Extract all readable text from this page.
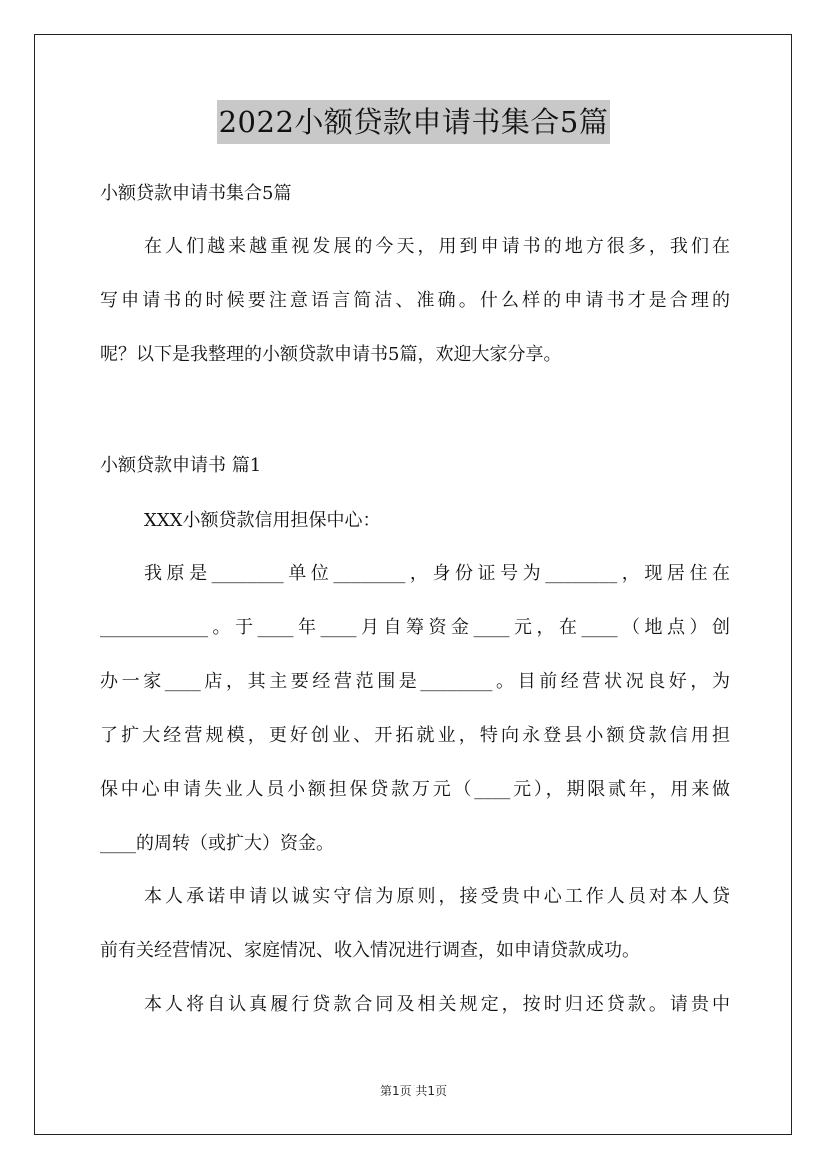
2022小额贷款申请书集合5篇
小额贷款申请书集合5篇
在人们越来越重视发展的今天，用到申请书的地方很多，我们在
写申请书的时候要注意语言简洁、准确。什么样的申请书才是合理的
呢？以下是我整理的小额贷款申请书5篇，欢迎大家分享。
小额贷款申请书 篇1
XXX小额贷款信用担保中心：
我原是________单位________，身份证号为________，现居住在
____________。于____年____月自筹资金____元，在____（地点）创
办一家____店，其主要经营范围是________。目前经营状况良好，为
了扩大经营规模，更好创业、开拓就业，特向永登县小额贷款信用担
保中心申请失业人员小额担保贷款万元（____元），期限贰年，用来做
____的周转（或扩大）资金。
本人承诺申请以诚实守信为原则，接受贵中心工作人员对本人贷
前有关经营情况、家庭情况、收入情况进行调查，如申请贷款成功。
本人将自认真履行贷款合同及相关规定，按时归还贷款。请贵中
第1页 共1页
